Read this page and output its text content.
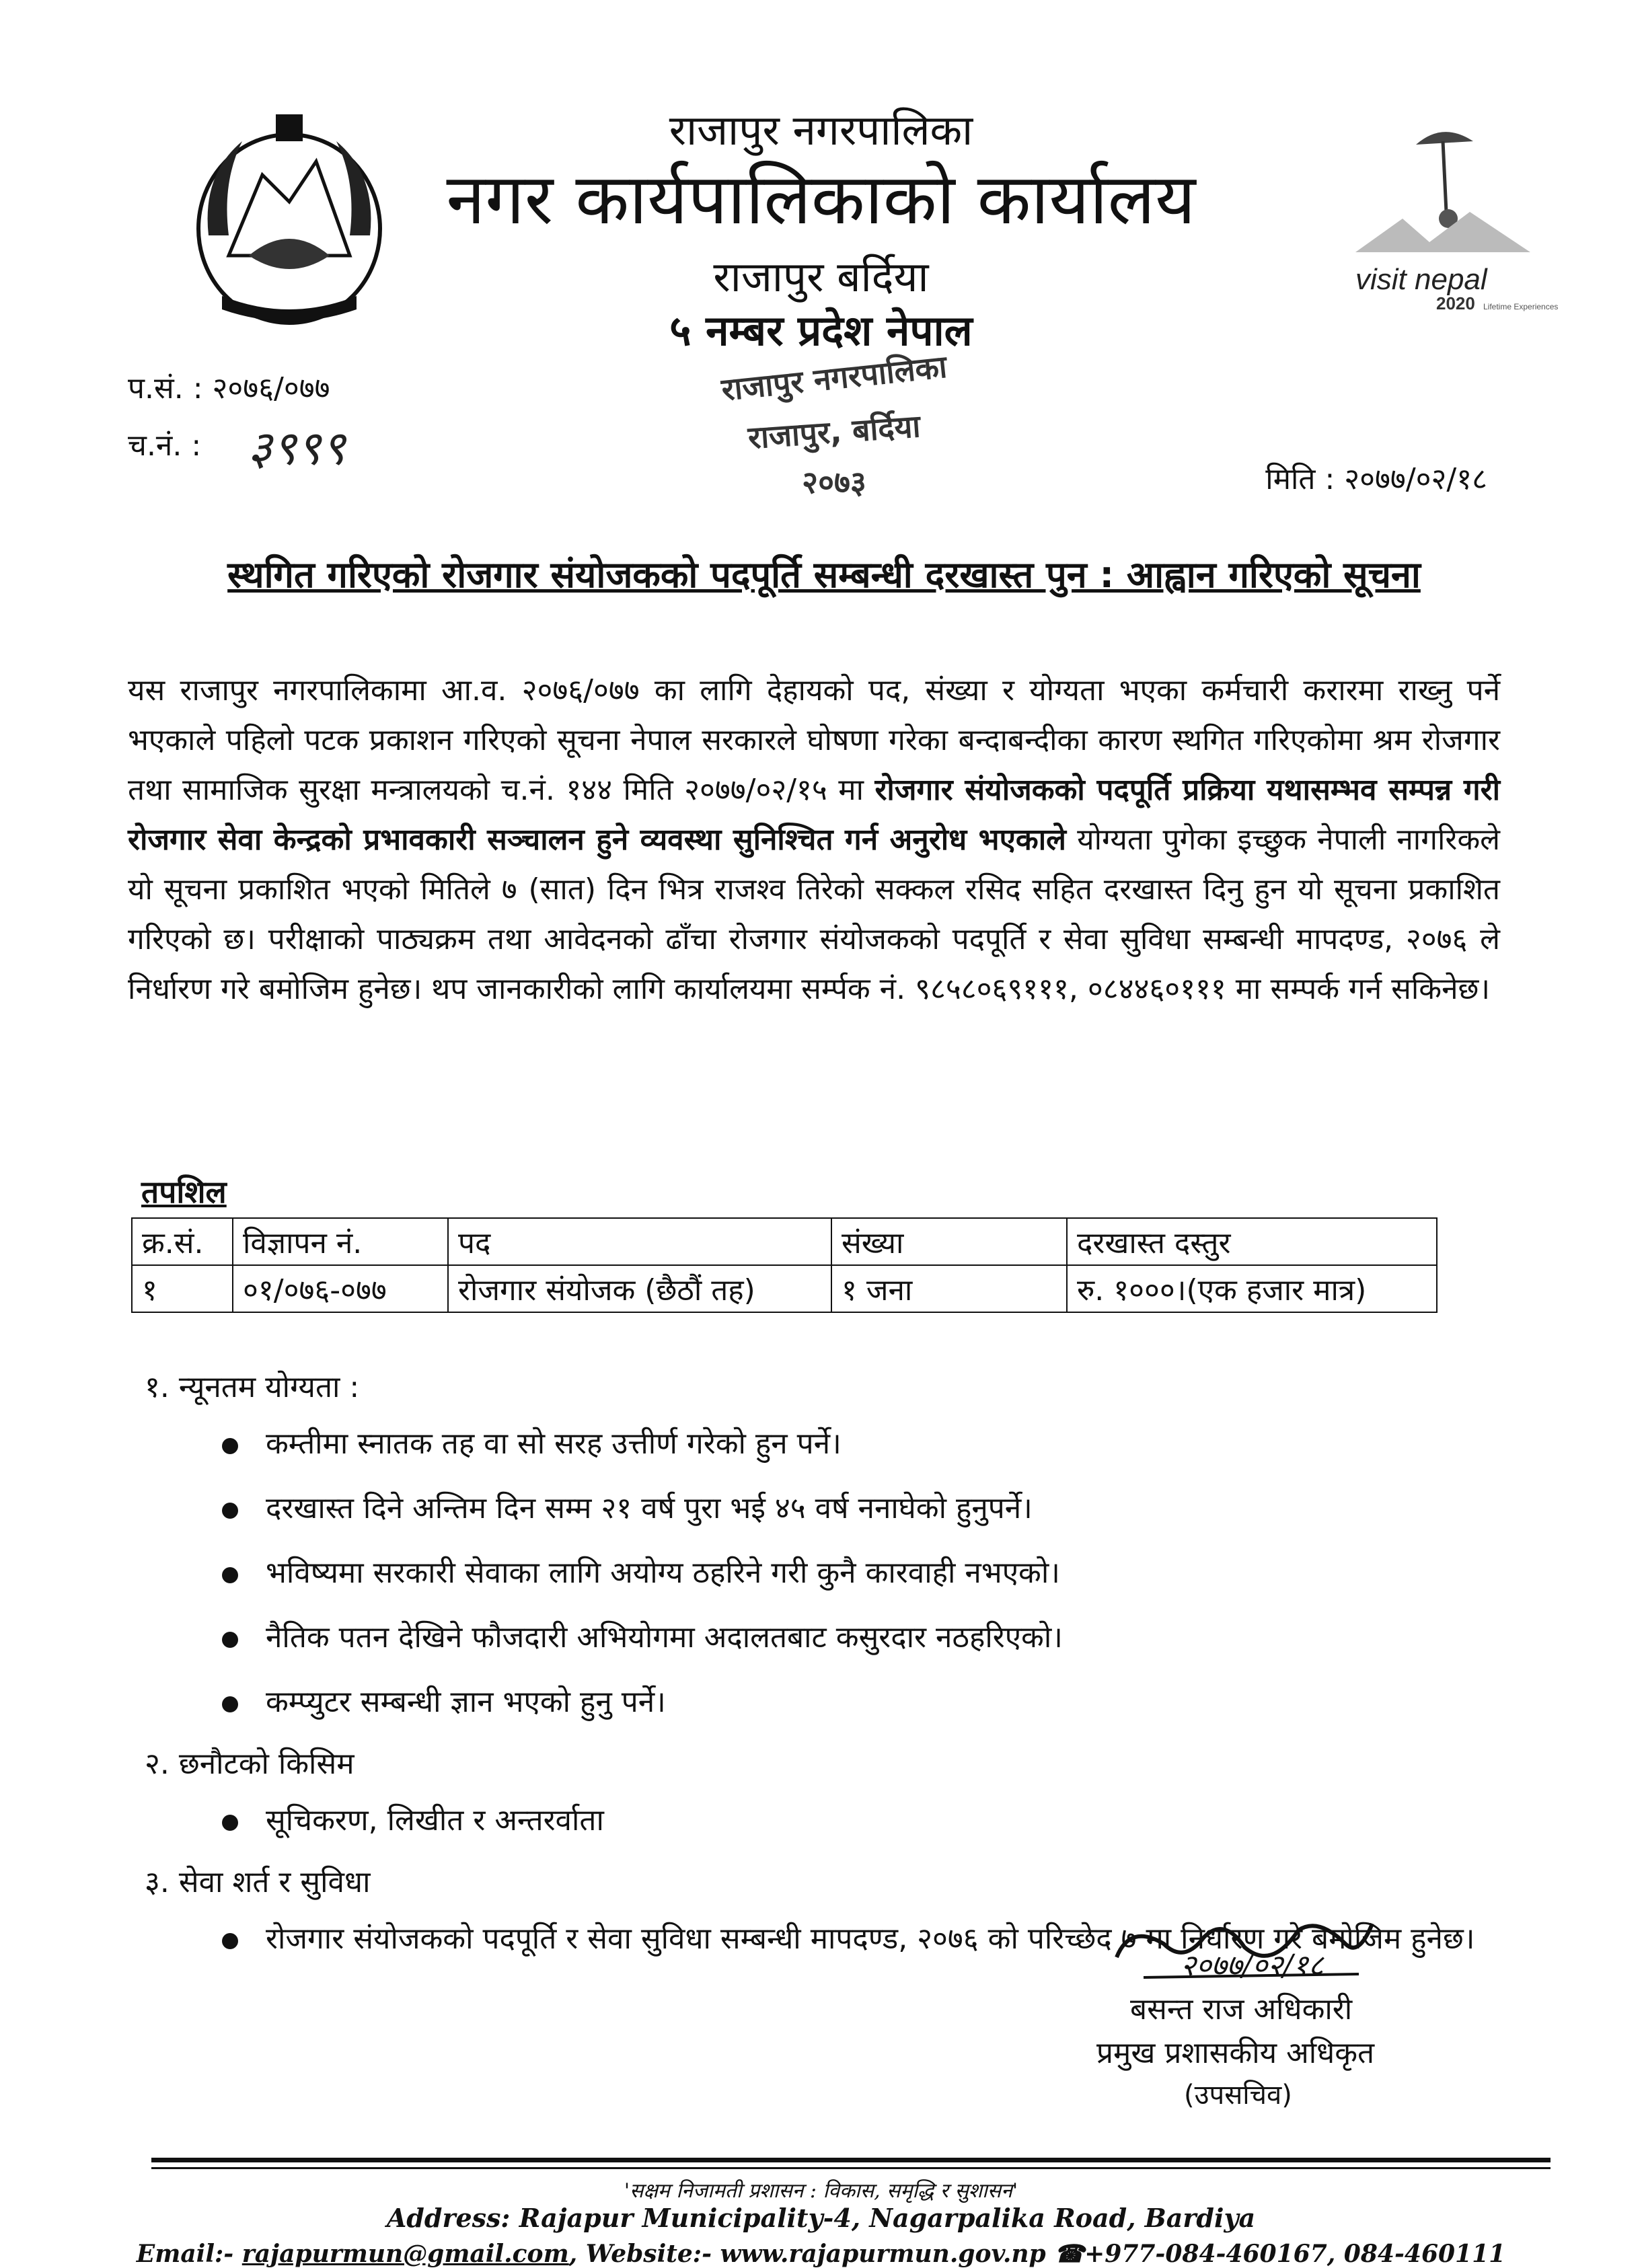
visit nepal
2020 Lifetime Experiences
राजापुर नगरपालिका
नगर कार्यपालिकाको कार्यालय
राजापुर बर्दिया
५ नम्बर प्रदेश नेपाल
राजापुर नगरपालिका
राजापुर, बर्दिया
२०७३
प.सं. : २०७६/०७७
च.नं. : ३९९९
मिति : २०७७/०२/१८
स्थगित गरिएको रोजगार संयोजकको पदपूर्ति सम्बन्धी दरखास्त पुन : आह्वान गरिएको सूचना
यस राजापुर नगरपालिकामा आ.व. २०७६/०७७ का लागि देहायको पद, संख्या र योग्यता भएका कर्मचारी करारमा राख्नु पर्ने भएकाले पहिलो पटक प्रकाशन गरिएको सूचना नेपाल सरकारले घोषणा गरेका बन्दाबन्दीका कारण स्थगित गरिएकोमा श्रम रोजगार तथा सामाजिक सुरक्षा मन्त्रालयको च.नं. १४४ मिति २०७७/०२/१५ मा रोजगार संयोजकको पदपूर्ति प्रक्रिया यथासम्भव सम्पन्न गरी रोजगार सेवा केन्द्रको प्रभावकारी सञ्चालन हुने व्यवस्था सुनिश्चित गर्न अनुरोध भएकाले योग्यता पुगेका इच्छुक नेपाली नागरिकले यो सूचना प्रकाशित भएको मितिले ७ (सात) दिन भित्र राजश्व तिरेको सक्कल रसिद सहित दरखास्त दिनु हुन यो सूचना प्रकाशित गरिएको छ। परीक्षाको पाठ्यक्रम तथा आवेदनको ढाँचा रोजगार संयोजकको पदपूर्ति र सेवा सुविधा सम्बन्धी मापदण्ड, २०७६ ले निर्धारण गरे बमोजिम हुनेछ। थप जानकारीको लागि कार्यालयमा सर्म्पक नं. ९८५८०६९१११, ०८४४६०१११ मा सम्पर्क गर्न सकिनेछ।
तपशिल
क्र.सं.	विज्ञापन नं.	पद	संख्या	दरखास्त दस्तुर
१	०१/०७६-०७७	रोजगार संयोजक (छैठौं तह)	१ जना	रु. १०००।(एक हजार मात्र)
१. न्यूनतम योग्यता :
कम्तीमा स्नातक तह वा सो सरह उत्तीर्ण गरेको हुन पर्ने।
दरखास्त दिने अन्तिम दिन सम्म २१ वर्ष पुरा भई ४५ वर्ष ननाघेको हुनुपर्ने।
भविष्यमा सरकारी सेवाका लागि अयोग्य ठहरिने गरी कुनै कारवाही नभएको।
नैतिक पतन देखिने फौजदारी अभियोगमा अदालतबाट कसुरदार नठहरिएको।
कम्प्युटर सम्बन्धी ज्ञान भएको हुनु पर्ने।
२. छनौटको किसिम
सूचिकरण, लिखीत र अन्तरर्वाता
३. सेवा शर्त र सुविधा
रोजगार संयोजकको पदपूर्ति र सेवा सुविधा सम्बन्धी मापदण्ड, २०७६ को परिच्छेद ७ मा निर्धारण गरे बमोजिम हुनेछ।
२०७७/०२/१८
बसन्त राज अधिकारी
प्रमुख प्रशासकीय अधिकृत
(उपसचिव)
'सक्षम निजामती प्रशासन : विकास, समृद्धि र सुशासन'
Address: Rajapur Municipality-4, Nagarpalika Road, Bardiya
Email:- rajapurmun@gmail.com, Website:- www.rajapurmun.gov.np ☎+977-084-460167, 084-460111
